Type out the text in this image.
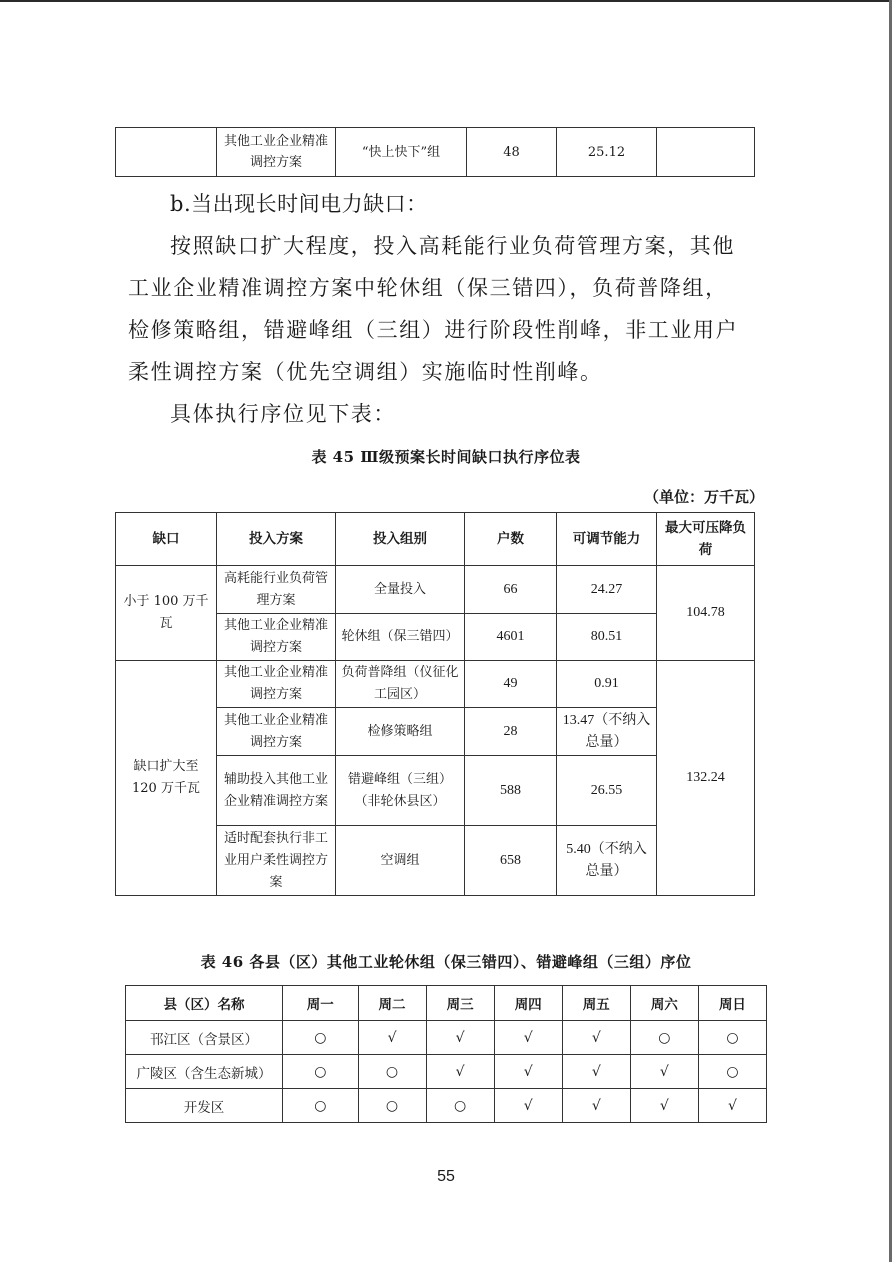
	其他工业企业精准调控方案	“快上快下”组	48	25.12	
b.当出现长时间电力缺口：
按照缺口扩大程度，投入高耗能行业负荷管理方案，其他
工业企业精准调控方案中轮休组（保三错四），负荷普降组，
检修策略组，错避峰组（三组）进行阶段性削峰，非工业用户
柔性调控方案（优先空调组）实施临时性削峰。
具体执行序位见下表：
表 45 Ⅲ级预案长时间缺口执行序位表
（单位：万千瓦）
缺口	投入方案	投入组别	户数	可调节能力	最大可压降负荷
小于 100 万千瓦	高耗能行业负荷管理方案	全量投入	66	24.27	104.78
	其他工业企业精准调控方案	轮休组（保三错四）	4601	80.51	
缺口扩大至 120 万千瓦	其他工业企业精准调控方案	负荷普降组（仪征化工园区）	49	0.91	132.24
	其他工业企业精准调控方案	检修策略组	28	13.47（不纳入总量）	
	辅助投入其他工业企业精准调控方案	错避峰组（三组）（非轮休县区）	588	26.55	
	适时配套执行非工业用户柔性调控方案	空调组	658	5.40（不纳入总量）	
表 46 各县（区）其他工业轮休组（保三错四）、错避峰组（三组）序位
县（区）名称	周一	周二	周三	周四	周五	周六	周日
邗江区（含景区）	○	√	√	√	√	○	○
广陵区（含生态新城）	○	○	√	√	√	√	○
开发区	○	○	○	√	√	√	√
55
